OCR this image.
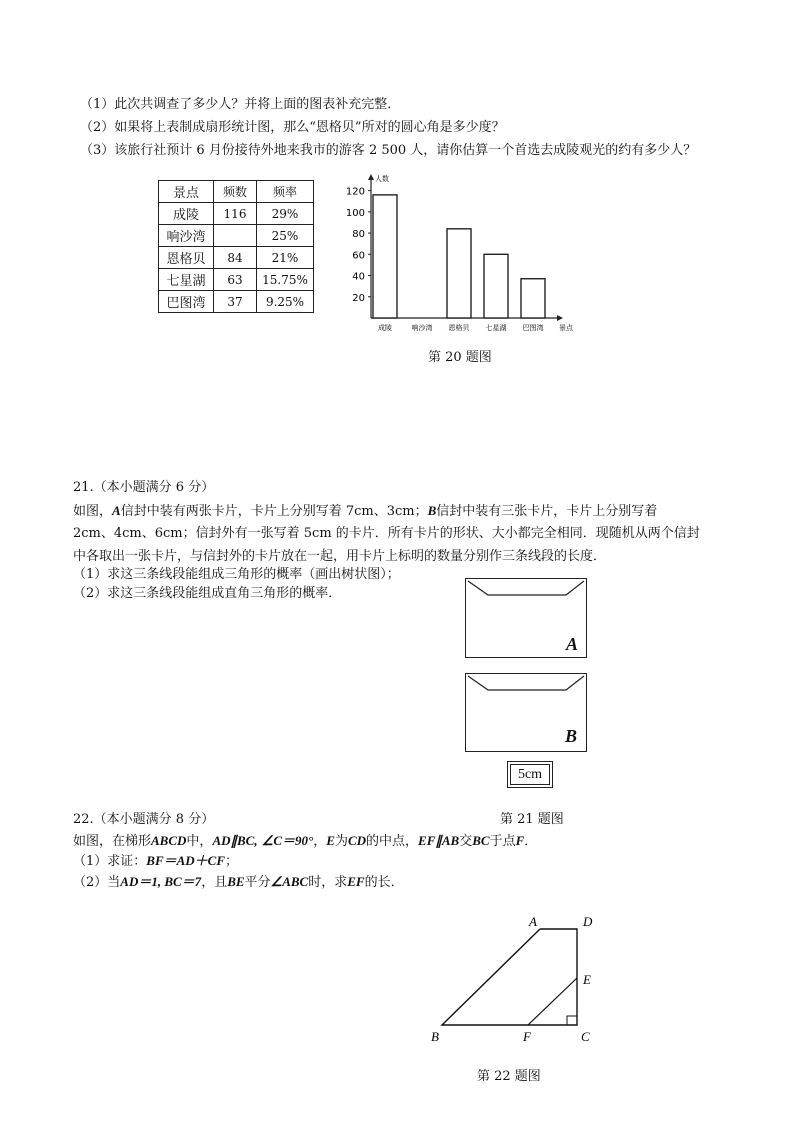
（1）此次共调查了多少人？并将上面的图表补充完整．
（2）如果将上表制成扇形统计图，那么“恩格贝”所对的圆心角是多少度？
（3）该旅行社预计 6 月份接待外地来我市的游客 2 500 人，请你估算一个首选去成陵观光的约有多少人？
景点	频数	频率
成陵	116	29%
响沙湾		25%
恩格贝	84	21%
七星湖	63	15.75%
巴图湾	37	9.25%	20
40
60
80
100
120
人数
成陵	响沙湾 恩格贝 七星湖 巴图湾 景点
第 20 题图
21.（本小题满分 6 分）
如图，A信封中装有两张卡片，卡片上分别写着 7cm、3cm；B信封中装有三张卡片，卡片上分别写着
2cm、4cm、6cm；信封外有一张写着 5cm 的卡片．所有卡片的形状、大小都完全相同．现随机从两个信封
中各取出一张卡片，与信封外的卡片放在一起，用卡片上标明的数量分别作三条线段的长度．
（1）求这三条线段能组成三角形的概率（画出树状图）；
（2）求这三条线段能组成直角三角形的概率．
A
B
5cm
第 21 题图
22.（本小题满分 8 分）
如图，在梯形ABCD中，AD∥BC, ∠C＝90°，E为CD的中点，EF∥AB交BC于点F．
（1）求证：BF＝AD＋CF；
（2）当AD＝1, BC＝7，且BE平分∠ABC时，求EF的长．
A	D
E
B	F	C
第 22 题图
